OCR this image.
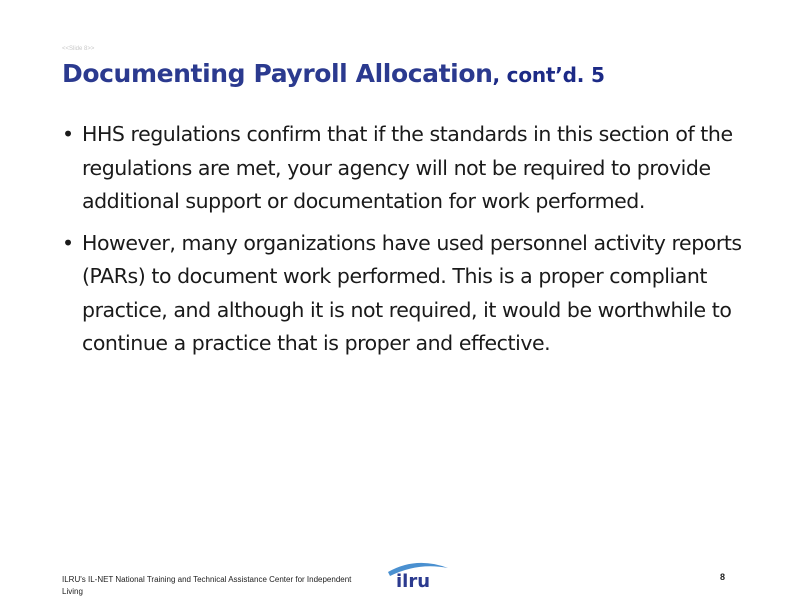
<<Slide 8>>
Documenting Payroll Allocation, cont’d. 5
• HHS regulations confirm that if the standards in this section of the regulations are met, your agency will not be required to provide additional support or documentation for work performed.
• However, many organizations have used personnel activity reports (PARs) to document work performed. This is a proper compliant practice, and although it is not required, it would be worthwhile to continue a practice that is proper and effective.
ILRU's IL-NET National Training and Technical Assistance Center for Independent Living	ilru	8
